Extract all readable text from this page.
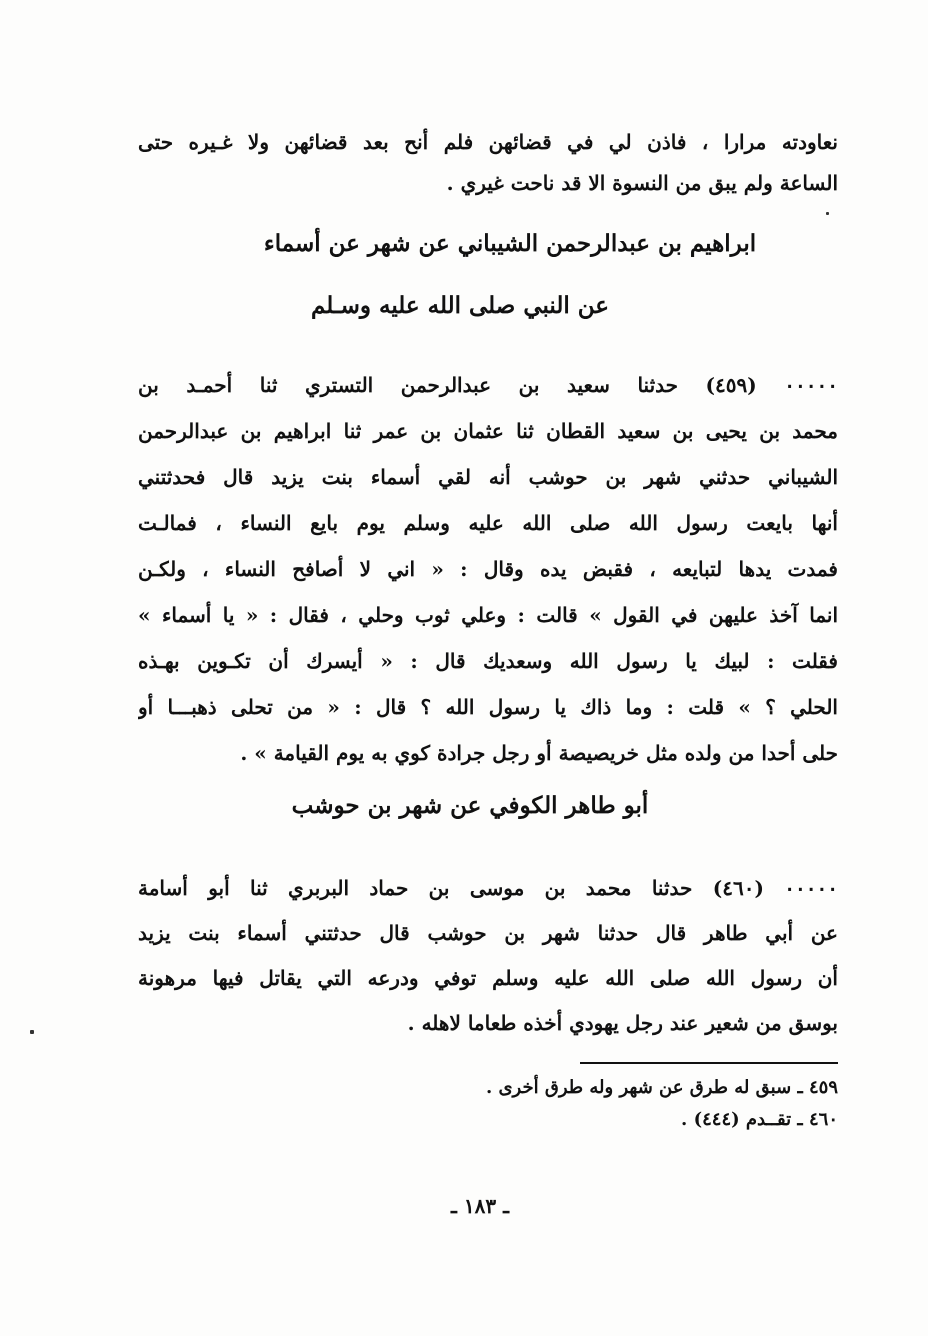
نعاودته مرارا ، فاذن لي في قضائهن فلم أنح بعد قضائهن ولا غـيره حتى
الساعة ولم يبق من النسوة الا قد ناحت غيري .
ابراهيم بن عبدالرحمن الشيباني عن شهر عن أسماء
عن النبي صلى الله عليه وسـلم
٠٠٠٠٠ (٤٥٩) حدثنا سعيد بن عبدالرحمن التستري ثنا أحمـد بن
محمد بن يحيى بن سعيد القطان ثنا عثمان بن عمر ثنا ابراهيم بن عبدالرحمن
الشيباني حدثني شهر بن حوشب أنه لقي أسماء بنت يزيد قال فحدثتني
أنها بايعت رسول الله صلى الله عليه وسلم يوم بايع النساء ، فمالـت
فمدت يدها لتبايعه ، فقبض يده وقال : « اني لا أصافح النساء ، ولكـن
انما آخذ عليهن في القول » قالت : وعلي ثوب وحلي ، فقال : « يا أسماء »
فقلت : لبيك يا رسول الله وسعديك قال : « أيسرك أن تكـوين بهـذه
الحلي ؟ » قلت : وما ذاك يا رسول الله ؟ قال : « من تحلى ذهبـــا أو
حلى أحدا من ولده مثل خريصيصة أو رجل جرادة كوي به يوم القيامة » .
أبو طاهر الكوفي عن شهر بن حوشب
٠٠٠٠٠ (٤٦٠) حدثنا محمد بن موسى بن حماد البربري ثنا أبو أسامة
عن أبي طاهر قال حدثنا شهر بن حوشب قال حدثتني أسماء بنت يزيد
أن رسول الله صلى الله عليه وسلم توفي ودرعه التي يقاتل فيها مرهونة
بوسق من شعير عند رجل يهودي أخذه طعاما لاهله .
٤٥٩ ـ سبق له طرق عن شهر وله طرق أخرى .
٤٦٠ ـ تقــدم (٤٤٤) .
ـ ١٨٣ ـ
